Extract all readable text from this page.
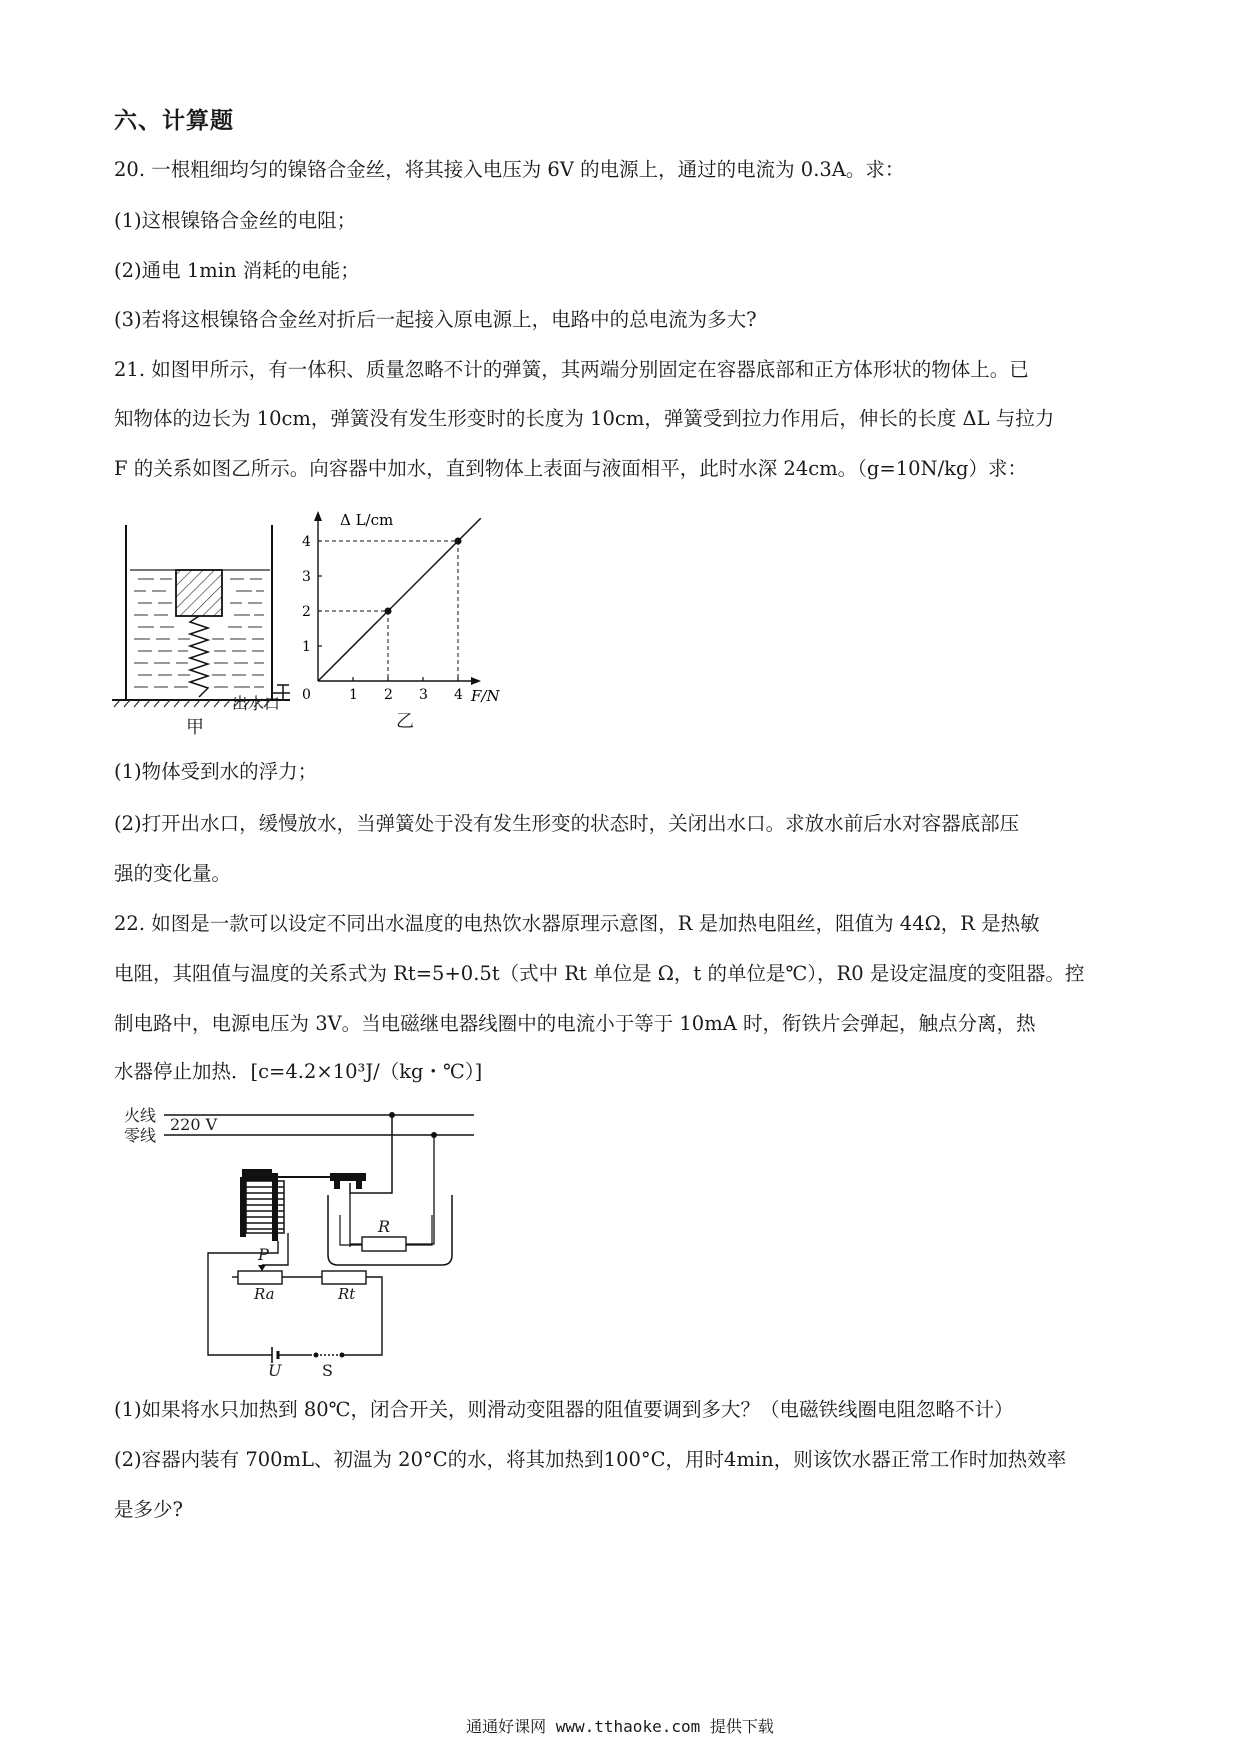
六、计算题
20. 一根粗细均匀的镍铬合金丝，将其接入电压为 6V 的电源上，通过的电流为 0.3A。求：
(1)这根镍铬合金丝的电阻；
(2)通电 1min 消耗的电能；
(3)若将这根镍铬合金丝对折后一起接入原电源上，电路中的总电流为多大?
21. 如图甲所示，有一体积、质量忽略不计的弹簧，其两端分别固定在容器底部和正方体形状的物体上。已
知物体的边长为 10cm，弹簧没有发生形变时的长度为 10cm，弹簧受到拉力作用后，伸长的长度 ΔL 与拉力
F 的关系如图乙所示。向容器中加水，直到物体上表面与液面相平，此时水深 24cm。（g=10N/kg）求：
出水口
甲
1 2 3 4
1
2
3
4
Δ L/cm
F/N
0
乙
(1)物体受到水的浮力；
(2)打开出水口，缓慢放水，当弹簧处于没有发生形变的状态时，关闭出水口。求放水前后水对容器底部压
强的变化量。
22. 如图是一款可以设定不同出水温度的电热饮水器原理示意图，R 是加热电阻丝，阻值为 44Ω，R 是热敏
电阻，其阻值与温度的关系式为 Rt=5+0.5t（式中 Rt 单位是 Ω，t 的单位是℃），R0 是设定温度的变阻器。控
制电路中，电源电压为 3V。当电磁继电器线圈中的电流小于等于 10mA 时，衔铁片会弹起，触点分离，热
水器停止加热．[c=4.2×10³J/（kg・℃）]
火线
零线
220 V
R
P
Ra	Rt
U	S
(1)如果将水只加热到 80℃，闭合开关，则滑动变阻器的阻值要调到多大？（电磁铁线圈电阻忽略不计）
(2)容器内装有 700mL、初温为 20°C的水，将其加热到100°C，用时4min，则该饮水器正常工作时加热效率
是多少?
通通好课网 www.tthaoke.com 提供下载
